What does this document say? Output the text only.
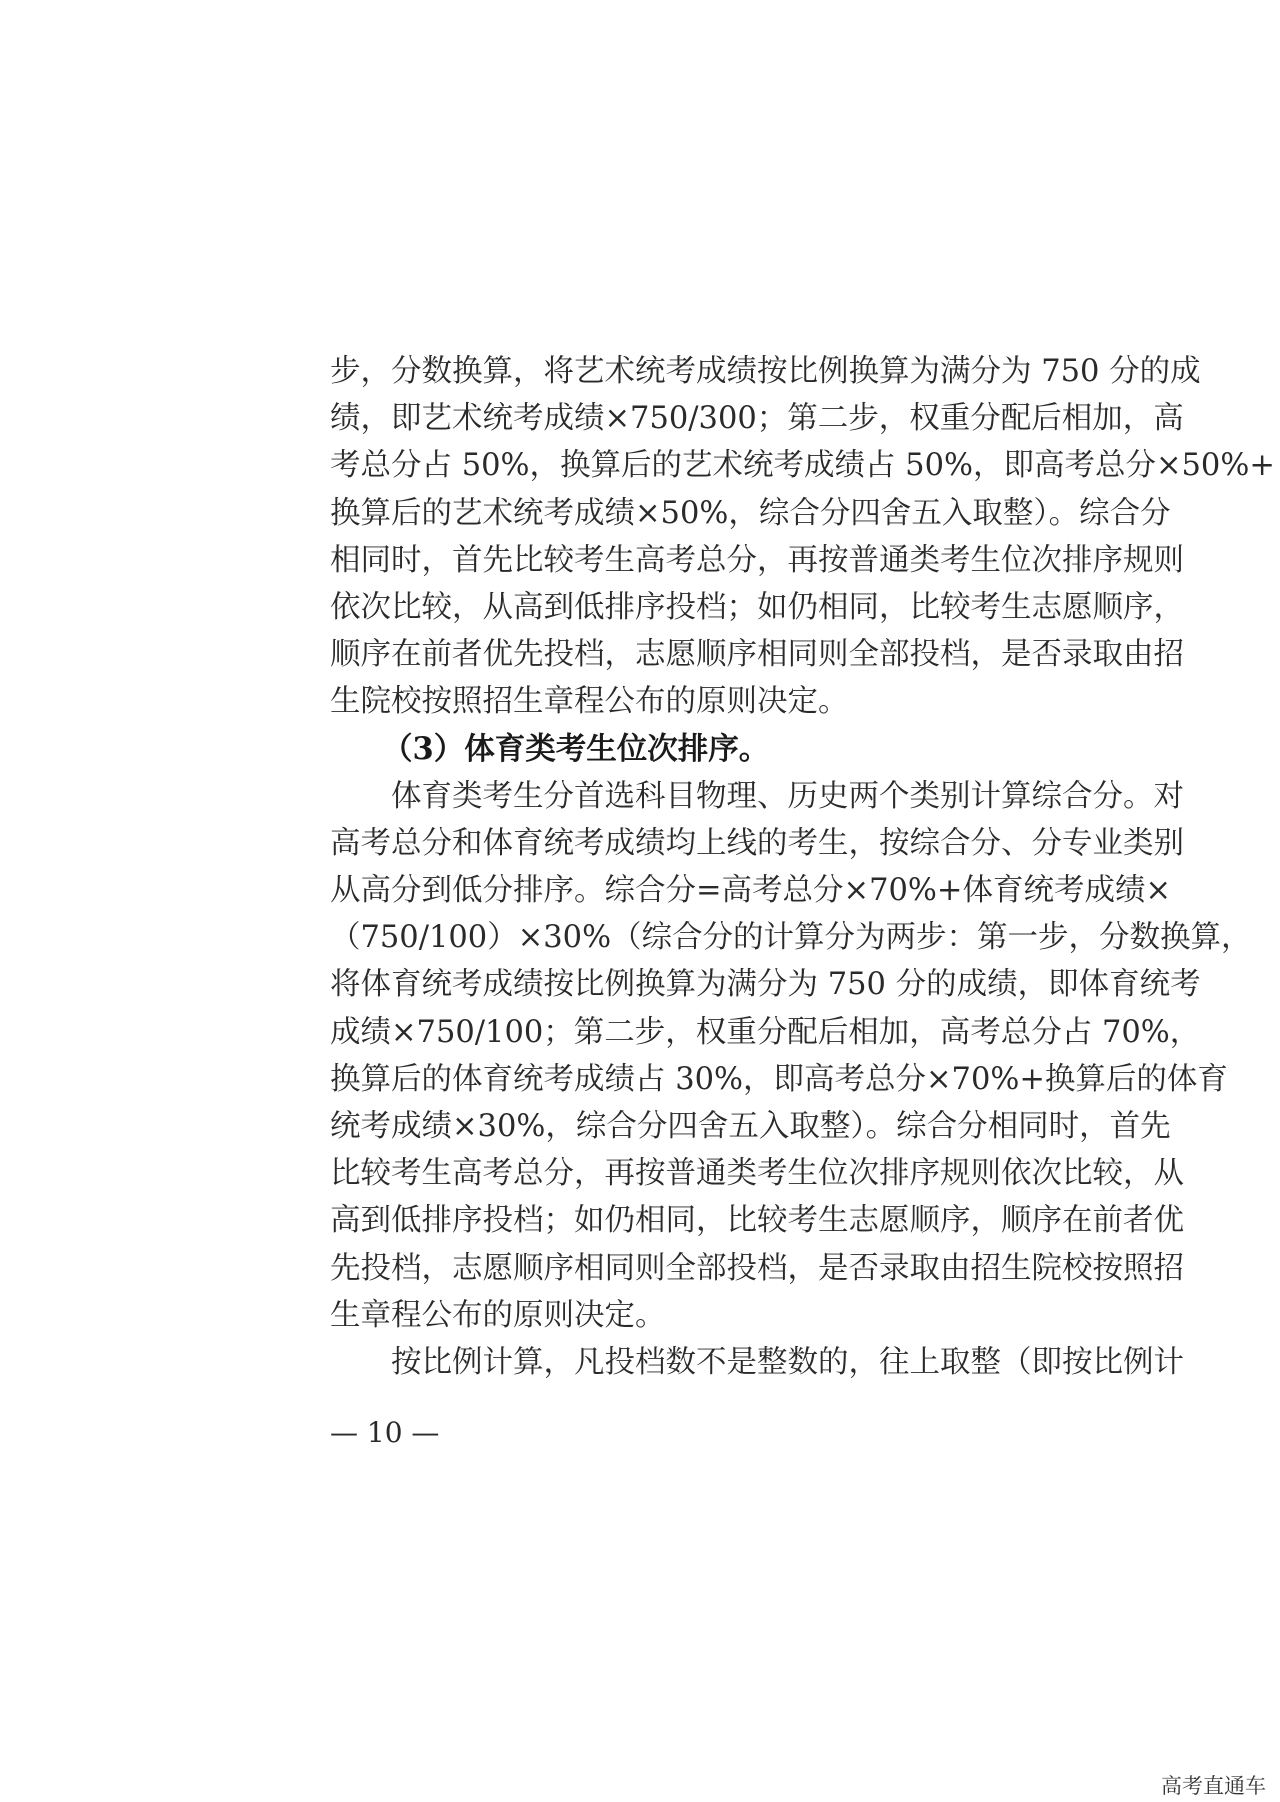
步，分数换算，将艺术统考成绩按比例换算为满分为 750 分的成
绩，即艺术统考成绩×750/300；第二步，权重分配后相加，高
考总分占 50%，换算后的艺术统考成绩占 50%，即高考总分×50%+
换算后的艺术统考成绩×50%，综合分四舍五入取整）。综合分
相同时，首先比较考生高考总分，再按普通类考生位次排序规则
依次比较，从高到低排序投档；如仍相同，比较考生志愿顺序，
顺序在前者优先投档，志愿顺序相同则全部投档，是否录取由招
生院校按照招生章程公布的原则决定。
（3）体育类考生位次排序。
体育类考生分首选科目物理、历史两个类别计算综合分。对
高考总分和体育统考成绩均上线的考生，按综合分、分专业类别
从高分到低分排序。综合分=高考总分×70%+体育统考成绩×
（750/100）×30%（综合分的计算分为两步：第一步，分数换算，
将体育统考成绩按比例换算为满分为 750 分的成绩，即体育统考
成绩×750/100；第二步，权重分配后相加，高考总分占 70%，
换算后的体育统考成绩占 30%，即高考总分×70%+换算后的体育
统考成绩×30%，综合分四舍五入取整）。综合分相同时，首先
比较考生高考总分，再按普通类考生位次排序规则依次比较，从
高到低排序投档；如仍相同，比较考生志愿顺序，顺序在前者优
先投档，志愿顺序相同则全部投档，是否录取由招生院校按照招
生章程公布的原则决定。
按比例计算，凡投档数不是整数的，往上取整（即按比例计
— 10 —
高考直通车
